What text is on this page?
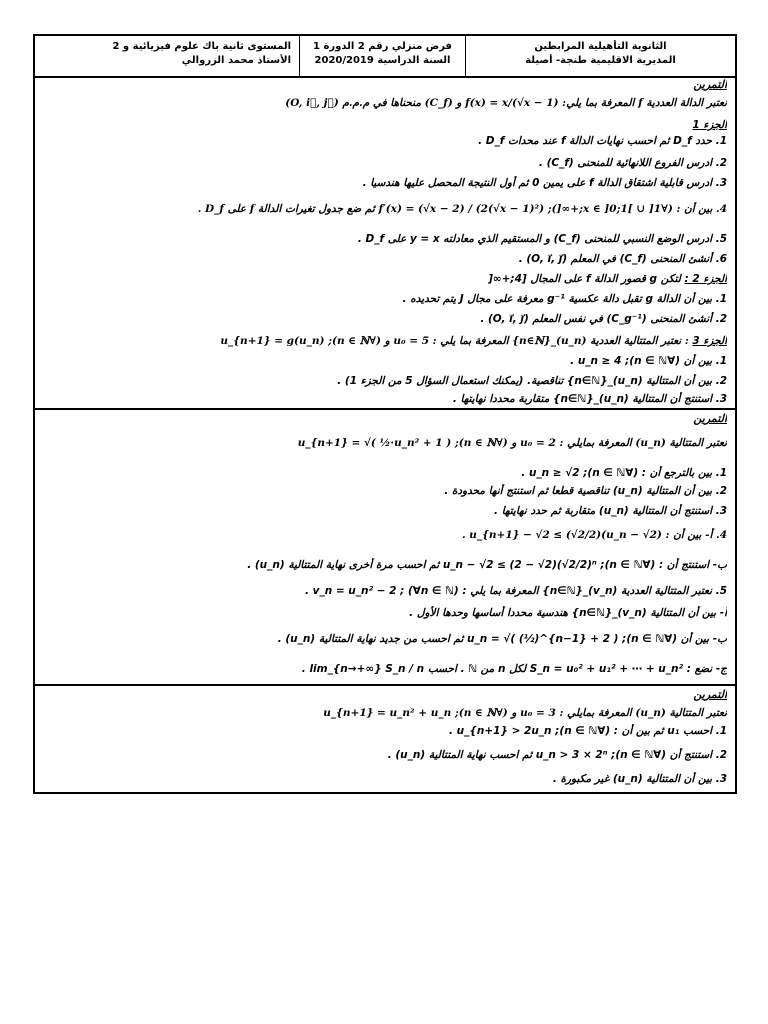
الثانوية التأهيلية المرابطين
المديرية الاقليمية طنجة- أصيلة
فرض منزلي رقم 2 الدورة 1
السنة الدراسية 2020/2019
المستوى ثانية باك علوم فيزيائية و 2
الأستاذ محمد الزروالي
التمرين
نعتبر الدالة العددية f المعرفة بما يلي: f(x) = x/(√x − 1) و (C_f) منحناها في م.م.م (O, i⃗, j⃗)
الجزء 1
1. حدد D_f ثم احسب نهايات الدالة f عند محدات D_f .
2. ادرس الفروع اللانهائية للمنحنى (C_f) .
3. ادرس قابلية اشتقاق الدالة f على يمين 0 ثم أول النتيجة المحصل عليها هندسيا .
4. بين أن : (∀x ∈ ]0;1[ ∪ ]1;+∞[); f′(x) = (√x − 2) / (2(√x − 1)²) ثم ضع جدول تغيرات الدالة f على D_f .
5. ادرس الوضع النسبي للمنحنى (C_f) و المستقيم الذي معادلته y = x على D_f .
6. أنشئ المنحنى (C_f) في المعلم (O, i⃗, j⃗) .
الجزء 2 : لتكن g قصور الدالة f على المجال [4;+∞[
1. بين أن الدالة g تقبل دالة عكسية g⁻¹ معرفة على مجال J يتم تحديده .
2. أنشئ المنحنى (C_g⁻¹) في نفس المعلم (O, i⃗, j⃗) .
الجزء 3 : نعتبر المتتالية العددية (u_n)_{n∈ℕ} المعرفة بما يلي : u₀ = 5 و (∀n ∈ ℕ); u_{n+1} = g(u_n)
1. بين أن (∀n ∈ ℕ); u_n ≥ 4 .
2. بين أن المتتالية (u_n)_{n∈ℕ} تناقصية. (يمكنك استعمال السؤال 5 من الجزء 1) .
3. استنتج أن المتتالية (u_n)_{n∈ℕ} متقاربة محددا نهايتها .
التمرين
نعتبر المتتالية (u_n) المعرفة بمايلي : u₀ = 2 و (∀n ∈ ℕ); u_{n+1} = √( ½·u_n² + 1 )
1. بين بالترجع أن : (∀n ∈ ℕ); u_n ≥ √2 .
2. بين أن المتتالية (u_n) تناقصية قطعا ثم استنتج أنها محدودة .
3. استنتج أن المتتالية (u_n) متقاربة ثم حدد نهايتها .
4. أ- بين أن : u_{n+1} − √2 ≤ (√2/2)(u_n − √2) .
ب- استنتج أن : (∀n ∈ ℕ); u_n − √2 ≤ (2 − √2)(√2/2)ⁿ ثم احسب مرة أخرى نهاية المتتالية (u_n) .
5. نعتبر المتتالية العددية (v_n)_{n∈ℕ} المعرفة بما يلي : v_n = u_n² − 2 ; (∀n ∈ ℕ) .
أ- بين أن المتتالية (v_n)_{n∈ℕ} هندسية محددا أساسها وحدها الأول .
ب- بين أن (∀n ∈ ℕ); u_n = √( (½)^{n−1} + 2 ) ثم احسب من جديد نهاية المتتالية (u_n) .
ج- نضع : S_n = u₀² + u₁² + ⋯ + u_n² لكل n من ℕ . احسب lim_{n→+∞} S_n / n .
التمرين
نعتبر المتتالية (u_n) المعرفة بمايلي : u₀ = 3 و (∀n ∈ ℕ); u_{n+1} = u_n² + u_n
1. احسب u₁ ثم بين أن : (∀n ∈ ℕ); u_{n+1} > 2u_n .
2. استنتج أن (∀n ∈ ℕ); u_n > 3 × 2ⁿ ثم احسب نهاية المتتالية (u_n) .
3. بين أن المتتالية (u_n) غير مكبورة .
